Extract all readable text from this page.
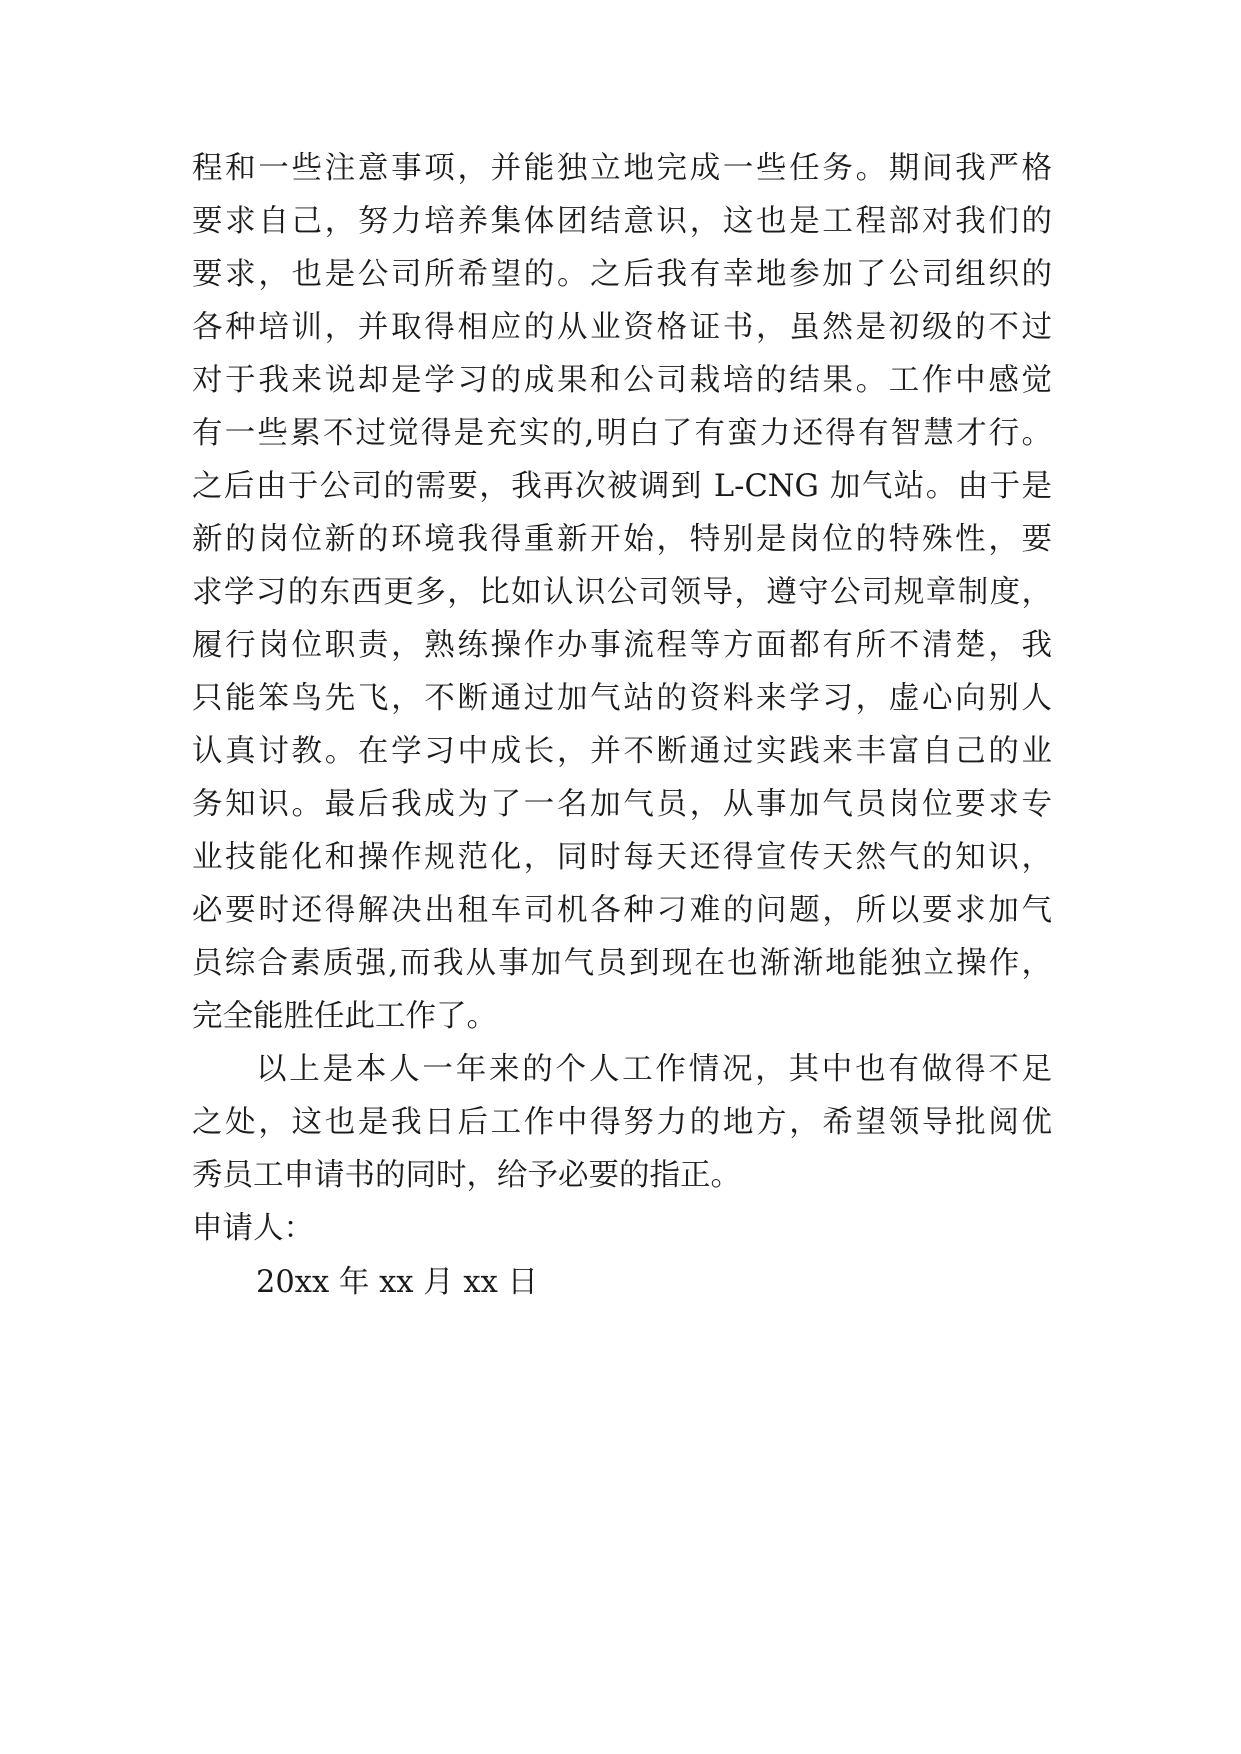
程和一些注意事项，并能独立地完成一些任务。期间我严格
要求自己，努力培养集体团结意识，这也是工程部对我们的
要求，也是公司所希望的。之后我有幸地参加了公司组织的
各种培训，并取得相应的从业资格证书，虽然是初级的不过
对于我来说却是学习的成果和公司栽培的结果。工作中感觉
有一些累不过觉得是充实的,明白了有蛮力还得有智慧才行。
之后由于公司的需要，我再次被调到 L-CNG 加气站。由于是
新的岗位新的环境我得重新开始，特别是岗位的特殊性，要
求学习的东西更多，比如认识公司领导，遵守公司规章制度，
履行岗位职责，熟练操作办事流程等方面都有所不清楚，我
只能笨鸟先飞，不断通过加气站的资料来学习，虚心向别人
认真讨教。在学习中成长，并不断通过实践来丰富自己的业
务知识。最后我成为了一名加气员，从事加气员岗位要求专
业技能化和操作规范化，同时每天还得宣传天然气的知识，
必要时还得解决出租车司机各种刁难的问题，所以要求加气
员综合素质强,而我从事加气员到现在也渐渐地能独立操作，
完全能胜任此工作了。
以上是本人一年来的个人工作情况，其中也有做得不足
之处，这也是我日后工作中得努力的地方，希望领导批阅优
秀员工申请书的同时，给予必要的指正。
申请人：
20xx 年 xx 月 xx 日
